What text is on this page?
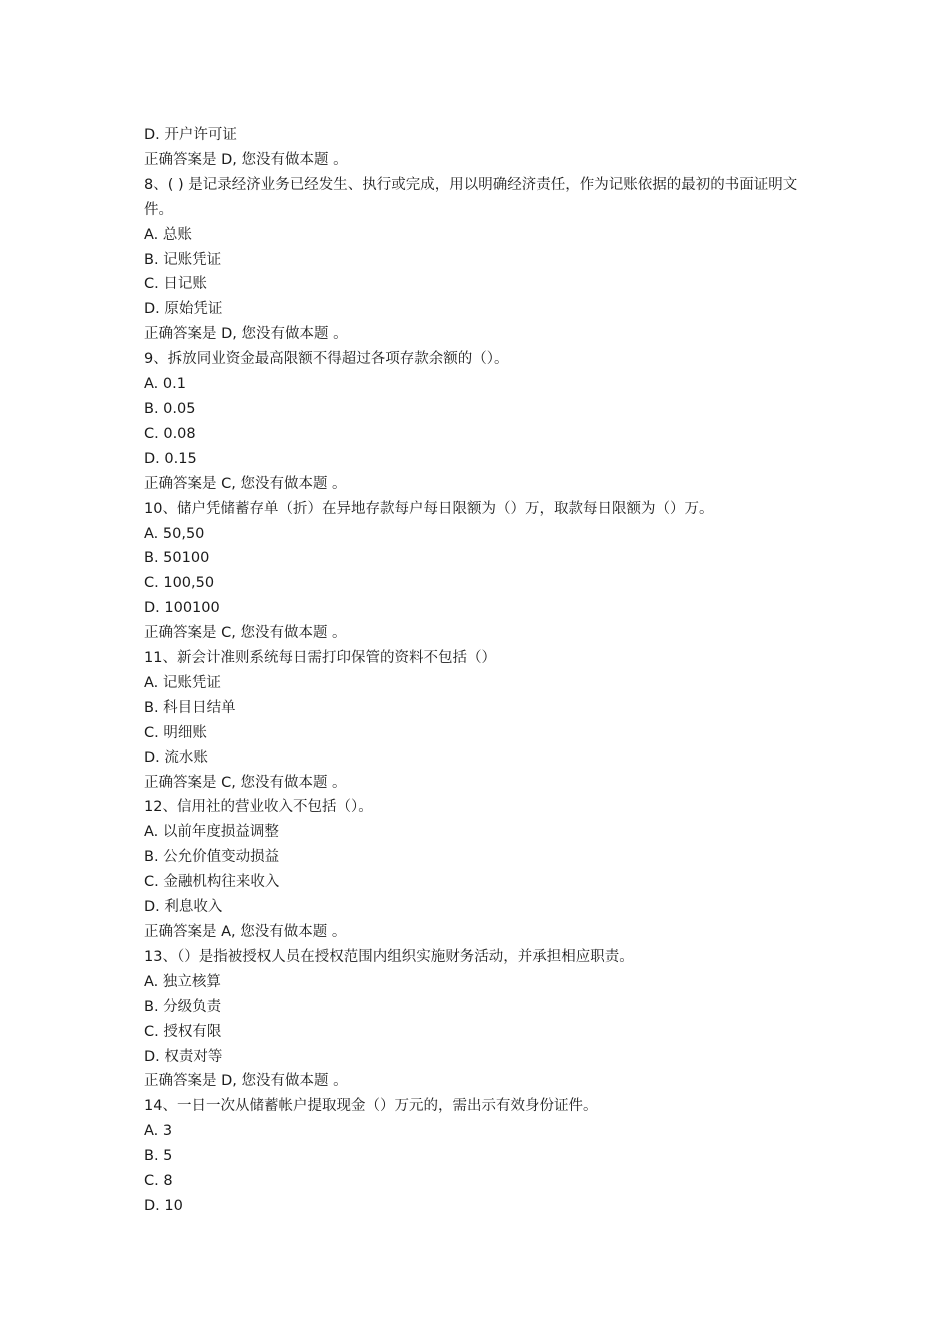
D. 开户许可证
正确答案是 D, 您没有做本题 。
8、( ) 是记录经济业务已经发生、执行或完成，用以明确经济责任，作为记账依据的最初的书面证明文件。
A. 总账
B. 记账凭证
C. 日记账
D. 原始凭证
正确答案是 D, 您没有做本题 。
9、拆放同业资金最高限额不得超过各项存款余额的（）。
A. 0.1
B. 0.05
C. 0.08
D. 0.15
正确答案是 C, 您没有做本题 。
10、储户凭储蓄存单（折）在异地存款每户每日限额为（）万，取款每日限额为（）万。
A. 50,50
B. 50100
C. 100,50
D. 100100
正确答案是 C, 您没有做本题 。
11、新会计准则系统每日需打印保管的资料不包括（）
A. 记账凭证
B. 科目日结单
C. 明细账
D. 流水账
正确答案是 C, 您没有做本题 。
12、信用社的营业收入不包括（）。
A. 以前年度损益调整
B. 公允价值变动损益
C. 金融机构往来收入
D. 利息收入
正确答案是 A, 您没有做本题 。
13、（）是指被授权人员在授权范围内组织实施财务活动，并承担相应职责。
A. 独立核算
B. 分级负责
C. 授权有限
D. 权责对等
正确答案是 D, 您没有做本题 。
14、一日一次从储蓄帐户提取现金（）万元的，需出示有效身份证件。
A. 3
B. 5
C. 8
D. 10
